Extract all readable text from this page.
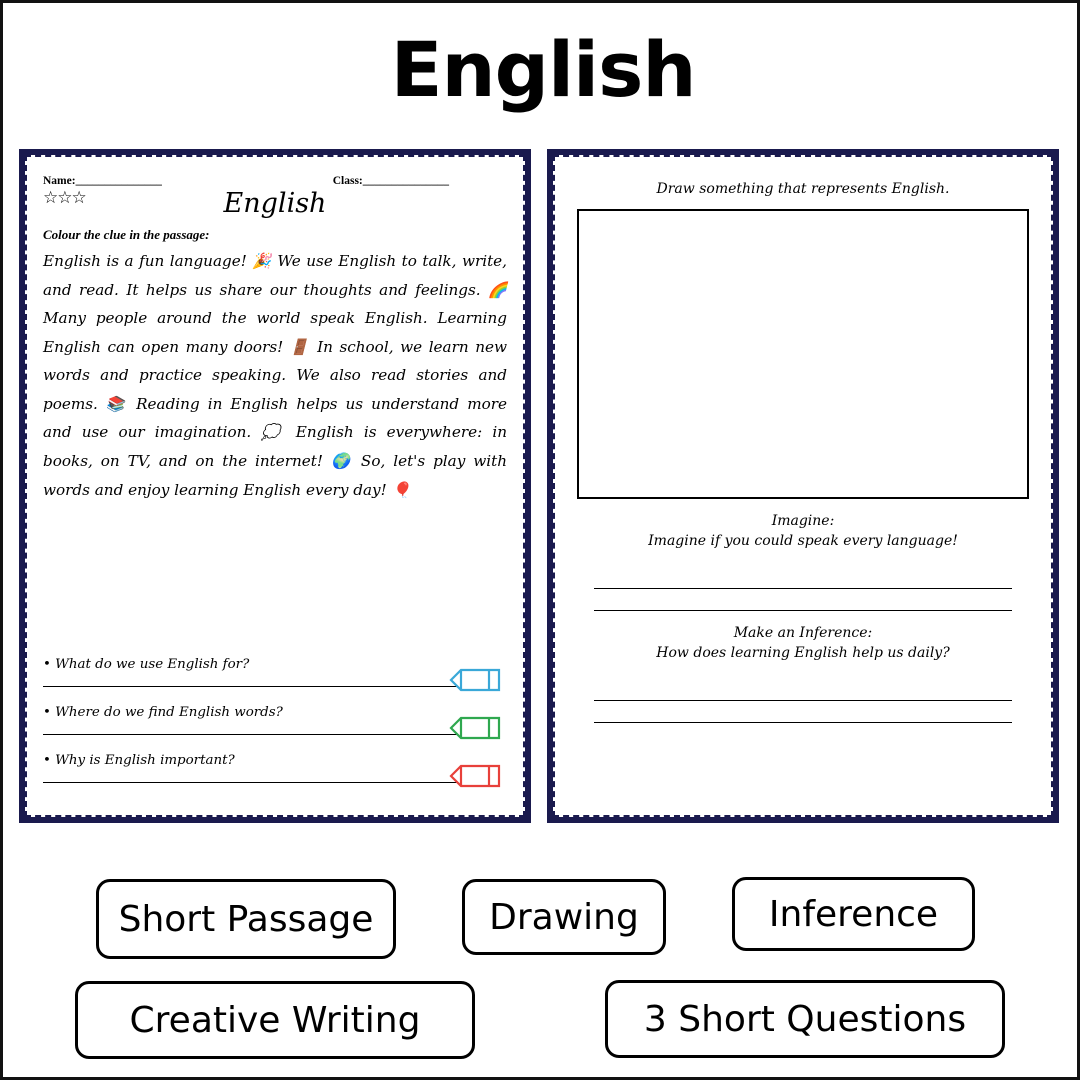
English
Name:_______________	Class:_______________
☆☆☆	English
Colour the clue in the passage:
English is a fun language! 🎉 We use English to talk, write, and read. It helps us share our thoughts and feelings. 🌈 Many people around the world speak English. Learning English can open many doors! 🚪 In school, we learn new words and practice speaking. We also read stories and poems. 📚 Reading in English helps us understand more and use our imagination. 💭 English is everywhere: in books, on TV, and on the internet! 🌍 So, let's play with words and enjoy learning English every day! 🎈
• What do we use English for?
• Where do we find English words?
• Why is English important?
Draw something that represents English.
Imagine:
Imagine if you could speak every language!
Make an Inference:
How does learning English help us daily?
Short Passage	Drawing	Inference
Creative Writing	3 Short Questions
